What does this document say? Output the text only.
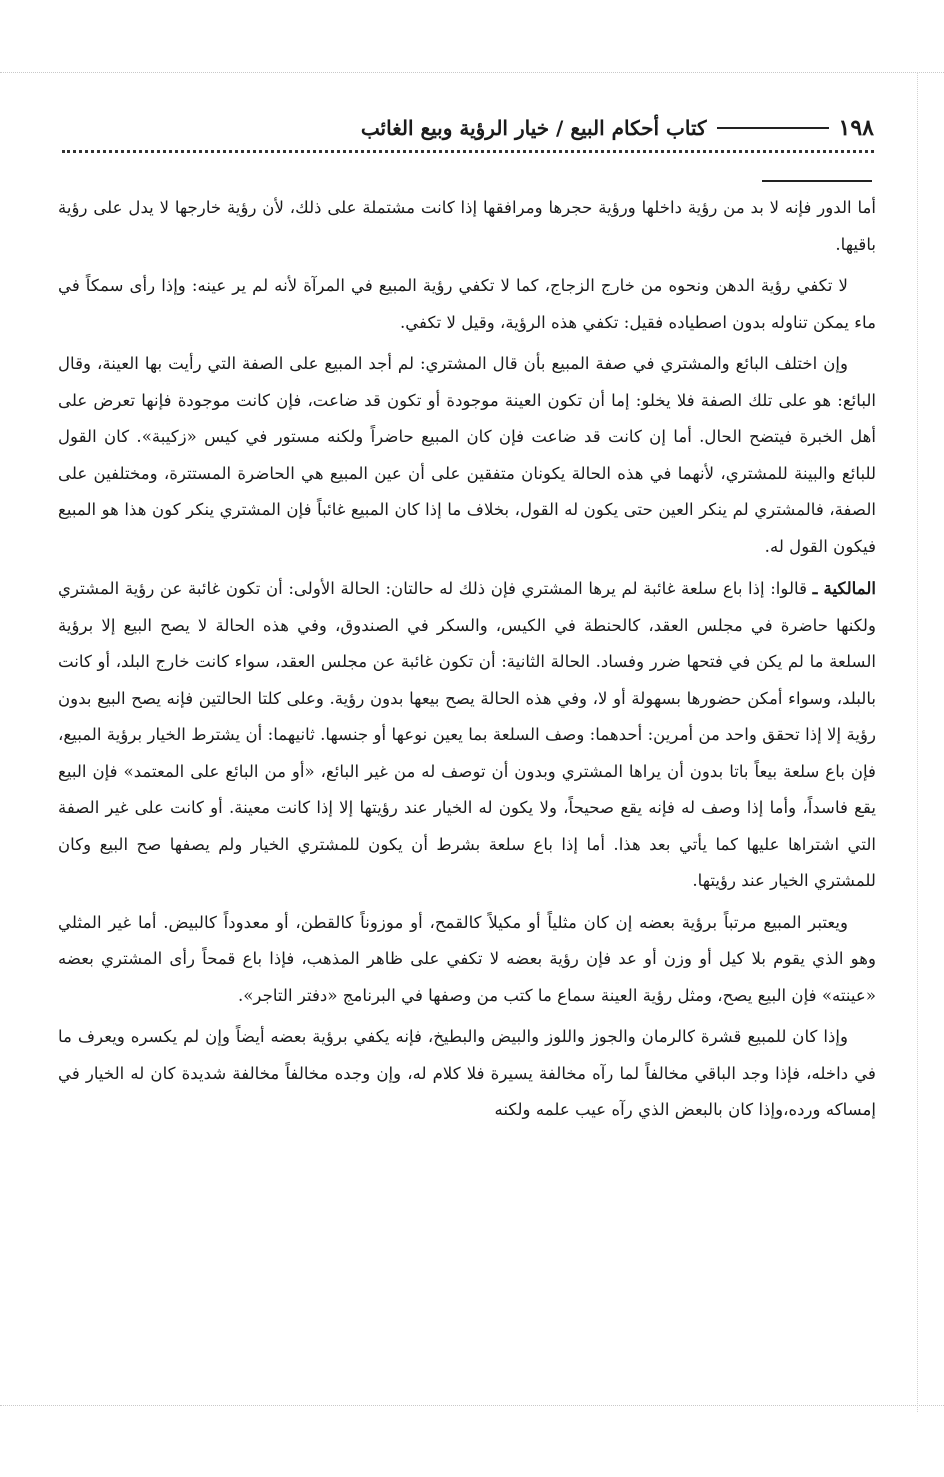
١٩٨
كتاب أحكام البيع / خيار الرؤية وبيع الغائب

أما الدور فإنه لا بد من رؤية داخلها ورؤية حجرها ومرافقها إذا كانت مشتملة على ذلك، لأن رؤية خارجها لا يدل على رؤية باقيها.

لا تكفي رؤية الدهن ونحوه من خارج الزجاج، كما لا تكفي رؤية المبيع في المرآة لأنه لم ير عينه: وإذا رأى سمكاً في ماء يمكن تناوله بدون اصطياده فقيل: تكفي هذه الرؤية، وقيل لا تكفي.

وإن اختلف البائع والمشتري في صفة المبيع بأن قال المشتري: لم أجد المبيع على الصفة التي رأيت بها العينة، وقال البائع: هو على تلك الصفة فلا يخلو: إما أن تكون العينة موجودة أو تكون قد ضاعت، فإن كانت موجودة فإنها تعرض على أهل الخبرة فيتضح الحال. أما إن كانت قد ضاعت فإن كان المبيع حاضراً ولكنه مستور في كيس «زكيبة». كان القول للبائع والبينة للمشتري، لأنهما في هذه الحالة يكونان متفقين على أن عين المبيع هي الحاضرة المستترة، ومختلفين على الصفة، فالمشتري لم ينكر العين حتى يكون له القول، بخلاف ما إذا كان المبيع غائباً فإن المشتري ينكر كون هذا هو المبيع فيكون القول له.

المالكية ـ قالوا: إذا باع سلعة غائبة لم يرها المشتري فإن ذلك له حالتان: الحالة الأولى: أن تكون غائبة عن رؤية المشتري ولكنها حاضرة في مجلس العقد، كالحنطة في الكيس، والسكر في الصندوق، وفي هذه الحالة لا يصح البيع إلا برؤية السلعة ما لم يكن في فتحها ضرر وفساد. الحالة الثانية: أن تكون غائبة عن مجلس العقد، سواء كانت خارج البلد، أو كانت بالبلد، وسواء أمكن حضورها بسهولة أو لا، وفي هذه الحالة يصح بيعها بدون رؤية. وعلى كلتا الحالتين فإنه يصح البيع بدون رؤية إلا إذا تحقق واحد من أمرين: أحدهما: وصف السلعة بما يعين نوعها أو جنسها. ثانيهما: أن يشترط الخيار برؤية المبيع، فإن باع سلعة بيعاً باتا بدون أن يراها المشتري وبدون أن توصف له من غير البائع، «أو من البائع على المعتمد» فإن البيع يقع فاسداً، وأما إذا وصف له فإنه يقع صحيحاً، ولا يكون له الخيار عند رؤيتها إلا إذا كانت معينة. أو كانت على غير الصفة التي اشتراها عليها كما يأتي بعد هذا. أما إذا باع سلعة بشرط أن يكون للمشتري الخيار ولم يصفها صح البيع وكان للمشتري الخيار عند رؤيتها.

ويعتبر المبيع مرتباً برؤية بعضه إن كان مثلياً أو مكيلاً كالقمح، أو موزوناً كالقطن، أو معدوداً كالبيض. أما غير المثلي وهو الذي يقوم بلا كيل أو وزن أو عد فإن رؤية بعضه لا تكفي على ظاهر المذهب، فإذا باع قمحاً رأى المشتري بعضه «عينته» فإن البيع يصح، ومثل رؤية العينة سماع ما كتب من وصفها في البرنامج «دفتر التاجر».

وإذا كان للمبيع قشرة كالرمان والجوز واللوز والبيض والبطيخ، فإنه يكفي برؤية بعضه أيضاً وإن لم يكسره ويعرف ما في داخله، فإذا وجد الباقي مخالفاً لما رآه مخالفة يسيرة فلا كلام له، وإن وجده مخالفاً مخالفة شديدة كان له الخيار في إمساكه ورده،وإذا كان بالبعض الذي رآه عيب علمه ولكنه
